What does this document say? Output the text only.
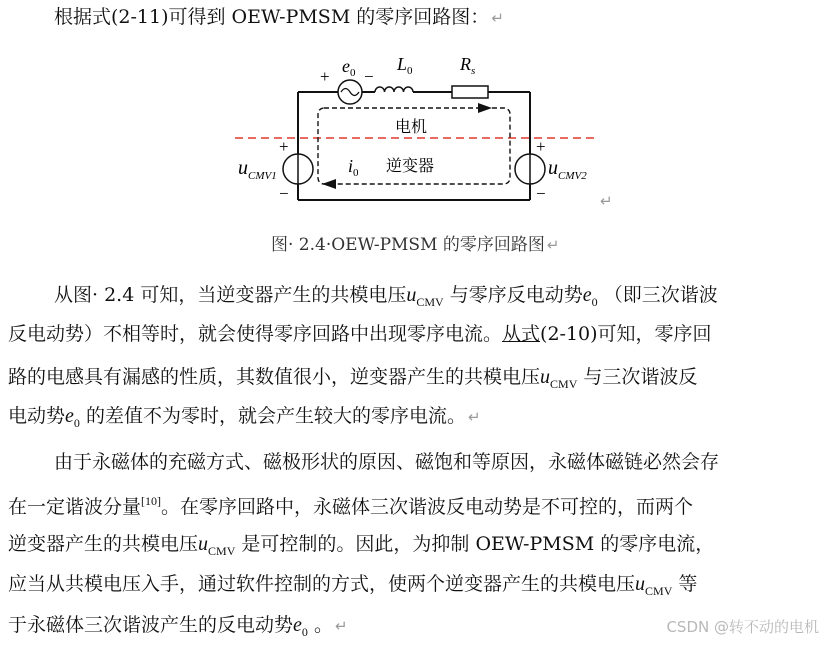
根据式(2-11)可得到 OEW-PMSM 的零序回路图： ↵
+ −
$e_0$ $L_0$	$R_s$
+
−
$u_{CMV1}$
+
−
$u_{CMV2}$
电机
逆变器
$i_0$
↵
图· 2.4·OEW-PMSM 的零序回路图 ↵
从图· 2.4 可知，当逆变器产生的共模电压$u_{CMV}$ 与零序反电动势$e_0$ （即三次谐波
反电动势）不相等时，就会使得零序回路中出现零序电流。从式(2-10)可知，零序回
路的电感具有漏感的性质，其数值很小，逆变器产生的共模电压$u_{CMV}$ 与三次谐波反
电动势$e_0$ 的差值不为零时，就会产生较大的零序电流。 ↵
由于永磁体的充磁方式、磁极形状的原因、磁饱和等原因，永磁体磁链必然会存
在一定谐波分量[10]。在零序回路中，永磁体三次谐波反电动势是不可控的，而两个
逆变器产生的共模电压$u_{CMV}$ 是可控制的。因此，为抑制 OEW-PMSM 的零序电流，
应当从共模电压入手，通过软件控制的方式，使两个逆变器产生的共模电压$u_{CMV}$ 等
于永磁体三次谐波产生的反电动势$e_0$ 。 ↵	CSDN @转不动的电机
